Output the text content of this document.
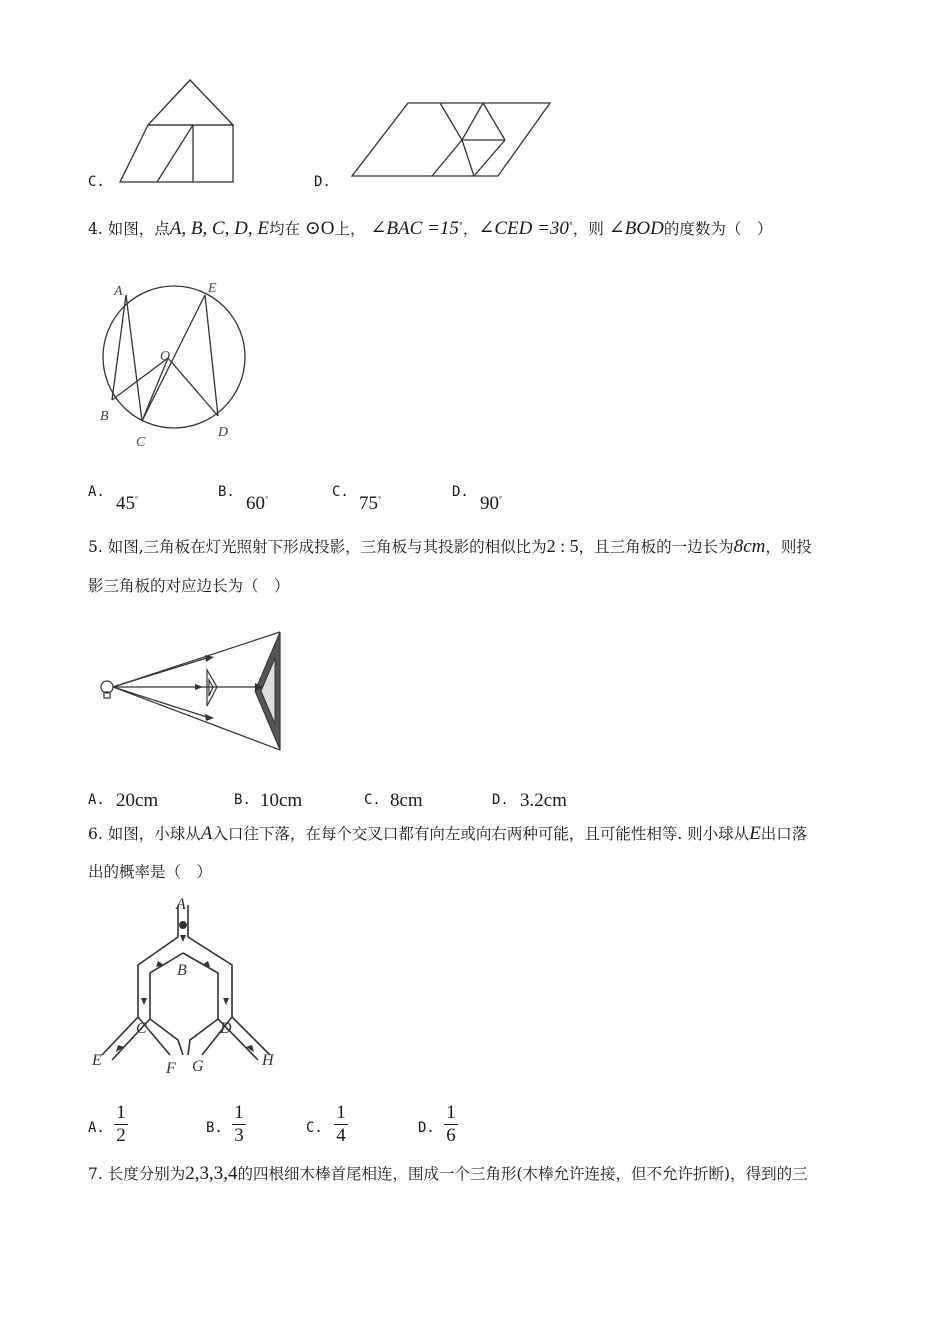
C.	D.
4. 如图，点A, B, C, D, E均在 ⊙O上， ∠BAC =15°，∠CED =30°，则 ∠BOD的度数为（　）
A	E
O
B
C
D
A.
45°	B.
60°	C.
75°	D.
90°
5. 如图,三角板在灯光照射下形成投影，三角板与其投影的相似比为2 : 5，且三角板的一边长为8cm，则投
影三角板的对应边长为（　）
A. 20cm	B. 10cm	C. 8cm	D. 3.2cm
6. 如图，小球从A入口往下落，在每个交叉口都有向左或向右两种可能，且可能性相等. 则小球从E出口落
出的概率是（　）
A
B
C	D
E	F G	H
A.
1
2	B.
1
3	C.
1
4	D.
1
6
7. 长度分别为2,3,3,4的四根细木棒首尾相连，围成一个三角形(木棒允许连接，但不允许折断)，得到的三
